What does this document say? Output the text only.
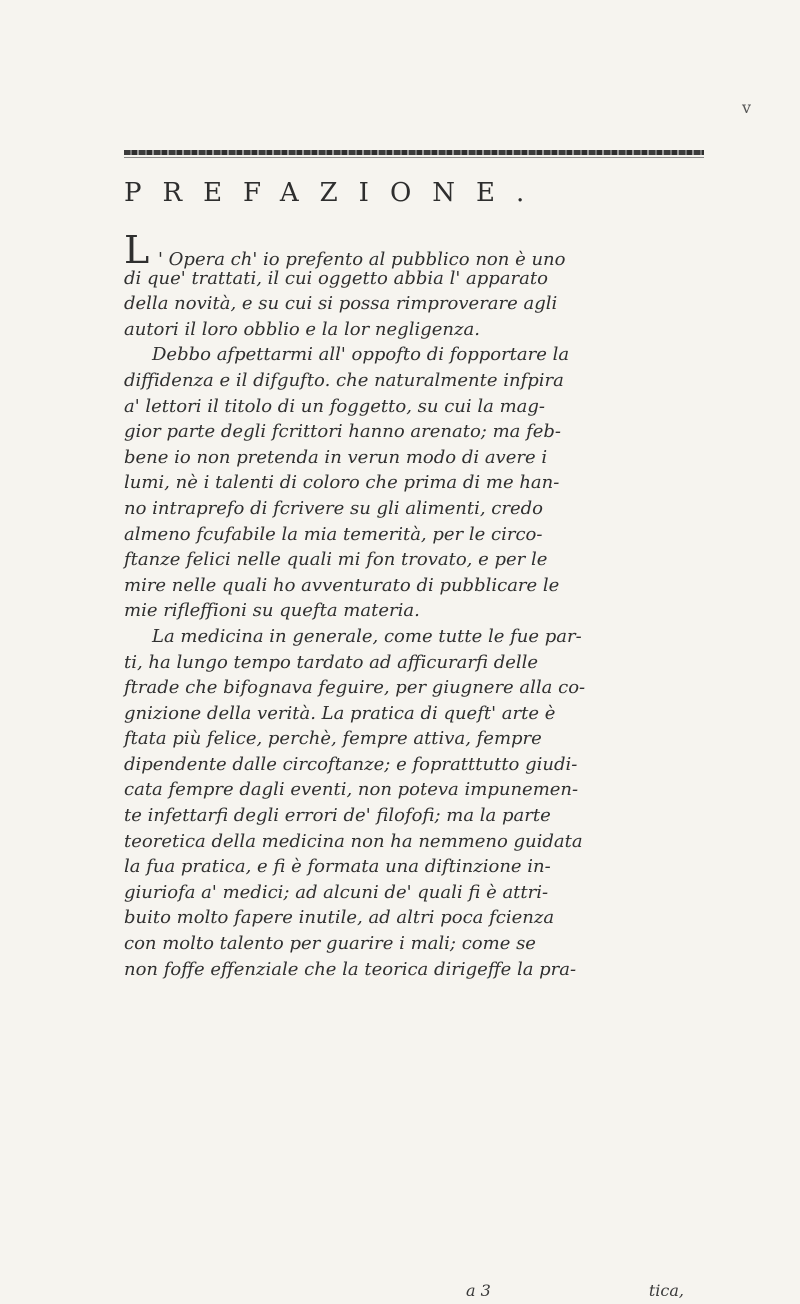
v
PREFAZIONE.
L ' Opera ch' io prefento al pubblico non è uno
di que' trattati, il cui oggetto abbia l' apparato
della novità, e su cui si possa rimproverare agli
autori il loro obblio e la lor negligenza.
Debbo afpettarmi all' oppofto di fopportare la
diffidenza e il difgufto. che naturalmente infpira
a' lettori il titolo di un foggetto, su cui la mag-
gior parte degli fcrittori hanno arenato; ma feb-
bene io non pretenda in verun modo di avere i
lumi, nè i talenti di coloro che prima di me han-
no intraprefo di fcrivere su gli alimenti, credo
almeno fcufabile la mia temerità, per le circo-
ftanze felici nelle quali mi fon trovato, e per le
mire nelle quali ho avventurato di pubblicare le
mie rifleffioni su quefta materia.
La medicina in generale, come tutte le fue par-
ti, ha lungo tempo tardato ad afficurarfi delle
ftrade che bifognava feguire, per giugnere alla co-
gnizione della verità. La pratica di queft' arte è
ftata più felice, perchè, fempre attiva, fempre
dipendente dalle circoftanze; e fopratttutto giudi-
cata fempre dagli eventi, non poteva impunemen-
te infettarfi degli errori de' filofofi; ma la parte
teoretica della medicina non ha nemmeno guidata
la fua pratica, e fi è formata una diftinzione in-
giuriofa a' medici; ad alcuni de' quali fi è attri-
buito molto fapere inutile, ad altri poca fcienza
con molto talento per guarire i mali; come se
non foffe effenziale che la teorica dirigeffe la pra-
a 3	tica,
